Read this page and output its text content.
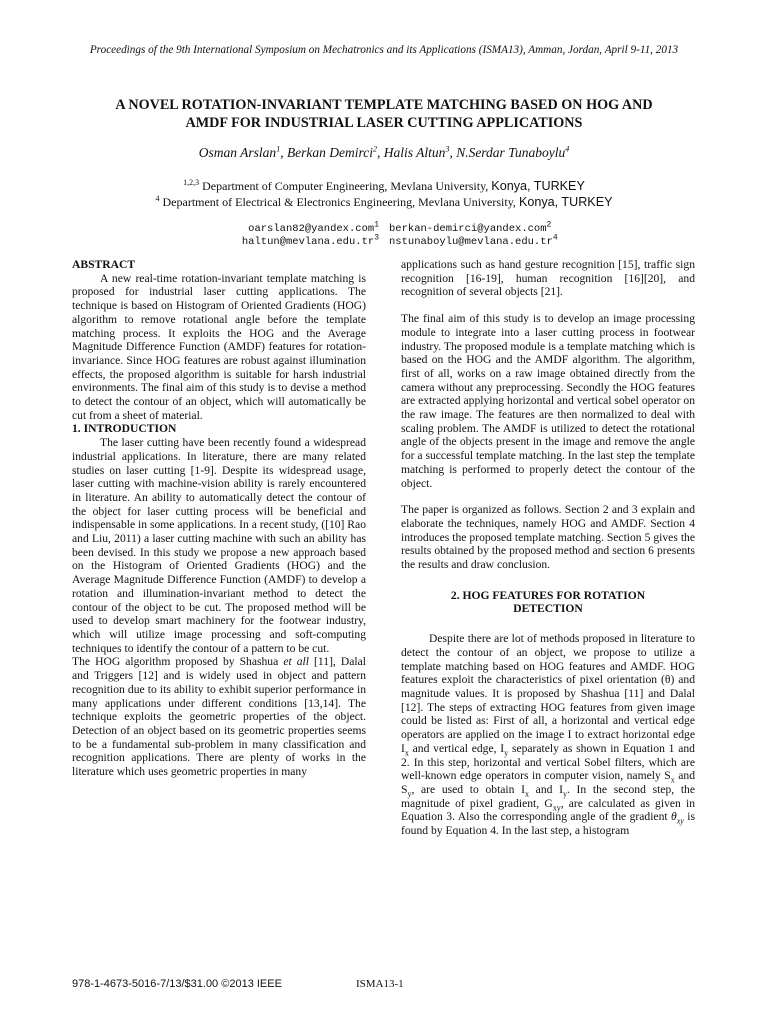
Proceedings of the 9th International Symposium on Mechatronics and its Applications (ISMA13), Amman, Jordan, April 9-11, 2013
A NOVEL ROTATION-INVARIANT TEMPLATE MATCHING BASED ON HOG AND
AMDF FOR INDUSTRIAL LASER CUTTING APPLICATIONS
Osman Arslan$^1$, Berkan Demirci$^2$, Halis Altun$^3$, N.Serdar Tunaboylu$^4$
$^{1,2,3}$ Department of Computer Engineering, Mevlana University, Konya, TURKEY
$^4$ Department of Electrical & Electronics Engineering, Mevlana University, Konya, TURKEY
oarslan82@yandex.com$^1$ berkan-demirci@yandex.com$^2$
$haltun@mevlana.edu.tr^3$ $nstunaboylu@mevlana.edu.tr^4$

ABSTRACT

A new real-time rotation-invariant template matching is proposed for industrial laser cutting applications. The technique is based on Histogram of Oriented Gradients (HOG) algorithm to remove rotational angle before the template matching process. It exploits the HOG and the Average Magnitude Difference Function (AMDF) features for rotation-invariance. Since HOG features are robust against illumination effects, the proposed algorithm is suitable for harsh industrial environments. The final aim of this study is to devise a method to detect the contour of an object, which will automatically be cut from a sheet of material.

1. INTRODUCTION

The laser cutting have been recently found a widespread industrial applications. In literature, there are many related studies on laser cutting [1-9]. Despite its widespread usage, laser cutting with machine-vision ability is rarely encountered in literature. An ability to automatically detect the contour of the object for laser cutting process will be beneficial and indispensable in some applications. In a recent study, ([10] Rao and Liu, 2011) a laser cutting machine with such an ability has been devised. In this study we propose a new approach based on the Histogram of Oriented Gradients (HOG) and the Average Magnitude Difference Function (AMDF) to develop a rotation and illumination-invariant method to detect the contour of the object to be cut. The proposed method will be used to develop smart machinery for the footwear industry, which will utilize image processing and soft-computing techniques to identify the contour of a pattern to be cut.

The HOG algorithm proposed by Shashua et all [11], Dalal and Triggers [12] and is widely used in object and pattern recognition due to its ability to exhibit superior performance in many applications under different conditions [13,14]. The technique exploits the geometric properties of the object. Detection of an object based on its geometric properties seems to be a fundamental sub-problem in many classification and recognition applications. There are plenty of works in the literature which uses geometric properties in many

applications such as hand gesture recognition [15], traffic sign recognition [16-19], human recognition [16][20], and recognition of several objects [21].

The final aim of this study is to develop an image processing module to integrate into a laser cutting process in footwear industry. The proposed module is a template matching which is based on the HOG and the AMDF algorithm. The algorithm, first of all, works on a raw image obtained directly from the camera without any preprocessing. Secondly the HOG features are extracted applying horizontal and vertical sobel operator on the raw image. The features are then normalized to deal with scaling problem. The AMDF is utilized to detect the rotational angle of the objects present in the image and remove the angle for a successful template matching. In the last step the template matching is performed to properly detect the contour of the object.

The paper is organized as follows. Section 2 and 3 explain and elaborate the techniques, namely HOG and AMDF. Section 4 introduces the proposed template matching. Section 5 gives the results obtained by the proposed method and section 6 presents the results and draw conclusion.

2. HOG FEATURES FOR ROTATION
DETECTION

Despite there are lot of methods proposed in literature to detect the contour of an object, we propose to utilize a template matching based on HOG features and AMDF. HOG features exploit the characteristics of pixel orientation (θ) and magnitude values. It is proposed by Shashua [11] and Dalal [12]. The steps of extracting HOG features from given image could be listed as: First of all, a horizontal and vertical edge operators are applied on the image I to extract horizontal edge $I_x$ and vertical edge, $I_y$ separately as shown in Equation 1 and 2. In this step, horizontal and vertical Sobel filters, which are well-known edge operators in computer vision, namely $S_x$ and $S_y$, are used to obtain $I_x$ and $I_y$. In the second step, the magnitude of pixel gradient, $G_{xy}$, are calculated as given in Equation 3. Also the corresponding angle of the gradient $\theta_{xy}$ is found by Equation 4. In the last step, a histogram

978-1-4673-5016-7/13/$31.00 ©2013 IEEE	ISMA13-1
